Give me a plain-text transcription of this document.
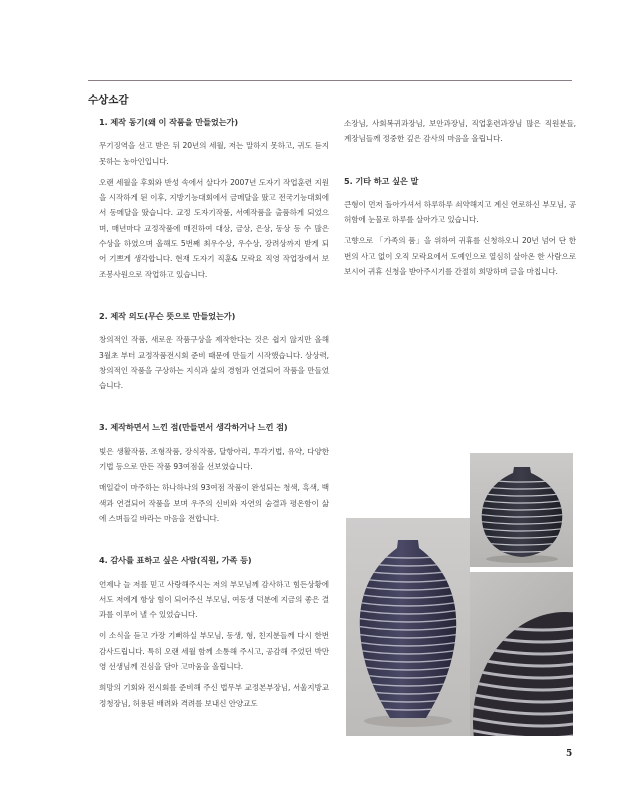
수상소감
1. 제작 동기(왜 이 작품을 만들었는가)

무기징역을 선고 받은 뒤 20년의 세월, 저는 말하지 못하고, 귀도 듣지 못하는 농아인입니다.

오랜 세월을 후회와 반성 속에서 살다가 2007년 도자기 작업훈련 지원을 시작하게 된 이후, 지방기능대회에서 금메달을 땄고 전국기능대회에서 동메달을 땄습니다. 교정 도자기작품, 서예작품을 출품하게 되었으며, 매년마다 교정작품에 매진하여 대상, 금상, 은상, 동상 등 수 많은 수상을 하였으며 올해도 5번째 최우수상, 우수상, 장려상까지 받게 되어 기쁘게 생각합니다. 현재 도자기 직훈& 모락요 직영 작업장에서 보조봉사원으로 작업하고 있습니다.

2. 제작 의도(무슨 뜻으로 만들었는가)

창의적인 작품, 새로운 작품구상을 제작한다는 것은 쉽지 않지만 올해 3월초 부터 교정작품전시회 준비 때문에 만들기 시작했습니다. 상상력, 창의적인 작품을 구상하는 지식과 삶의 경험과 연결되어 작품을 만들었습니다.

3. 제작하면서 느낀 점(만들면서 생각하거나 느낀 점)

빛은 생활작품, 조형작품, 장식작품, 달항아리, 투각기법, 유약, 다양한 기법 등으로 만든 작품 93여점을 선보였습니다.

매일같이 마주하는 하나하나의 93여점 작품이 완성되는 청색, 흑색, 백색과 연결되어 작품을 보며 우주의 신비와 자연의 숨결과 평온함이 삶에 스며들길 바라는 마음을 전합니다.

4. 감사를 표하고 싶은 사람(직원, 가족 등)

언제나 늘 저를 믿고 사랑해주시는 저의 부모님께 감사하고 힘든상황에서도 저에게 항상 힘이 되어주신 부모님, 여동생 덕분에 지금의 좋은 결과를 이루어 낼 수 있었습니다.

이 소식을 듣고 가장 기뻐하실 부모님, 동생, 형, 친지분들께 다시 한번 감사드립니다. 특히 오랜 세월 함께 소통해 주시고, 공감해 주었던 박만영 선생님께 진심을 담아 고마움을 올립니다.

희망의 기회와 전시회를 준비해 주신 법무부 교정본부장님, 서울지방교정청장님, 허용된 배려와 격려를 보내신 안양교도

소장님, 사회복귀과장님, 보안과장님, 직업훈련과장님 많은 직원분들, 계장님들께 정중한 깊은 감사의 마음을 올립니다.

5. 기타 하고 싶은 말

큰형이 먼저 돌아가셔서 하루하루 쇠약해지고 계신 연로하신 부모님, 공허함에 눈물로 하루를 살아가고 있습니다.

고향으로 「가족의 품」을 위하여 귀휴를 신청하오니 20년 넘어 단 한번의 사고 없이 오직 모락요에서 도예인으로 열심히 살아온 한 사람으로 보시어 귀휴 신청을 받아주시기를 간절히 희망하며 글을 마칩니다.

5
